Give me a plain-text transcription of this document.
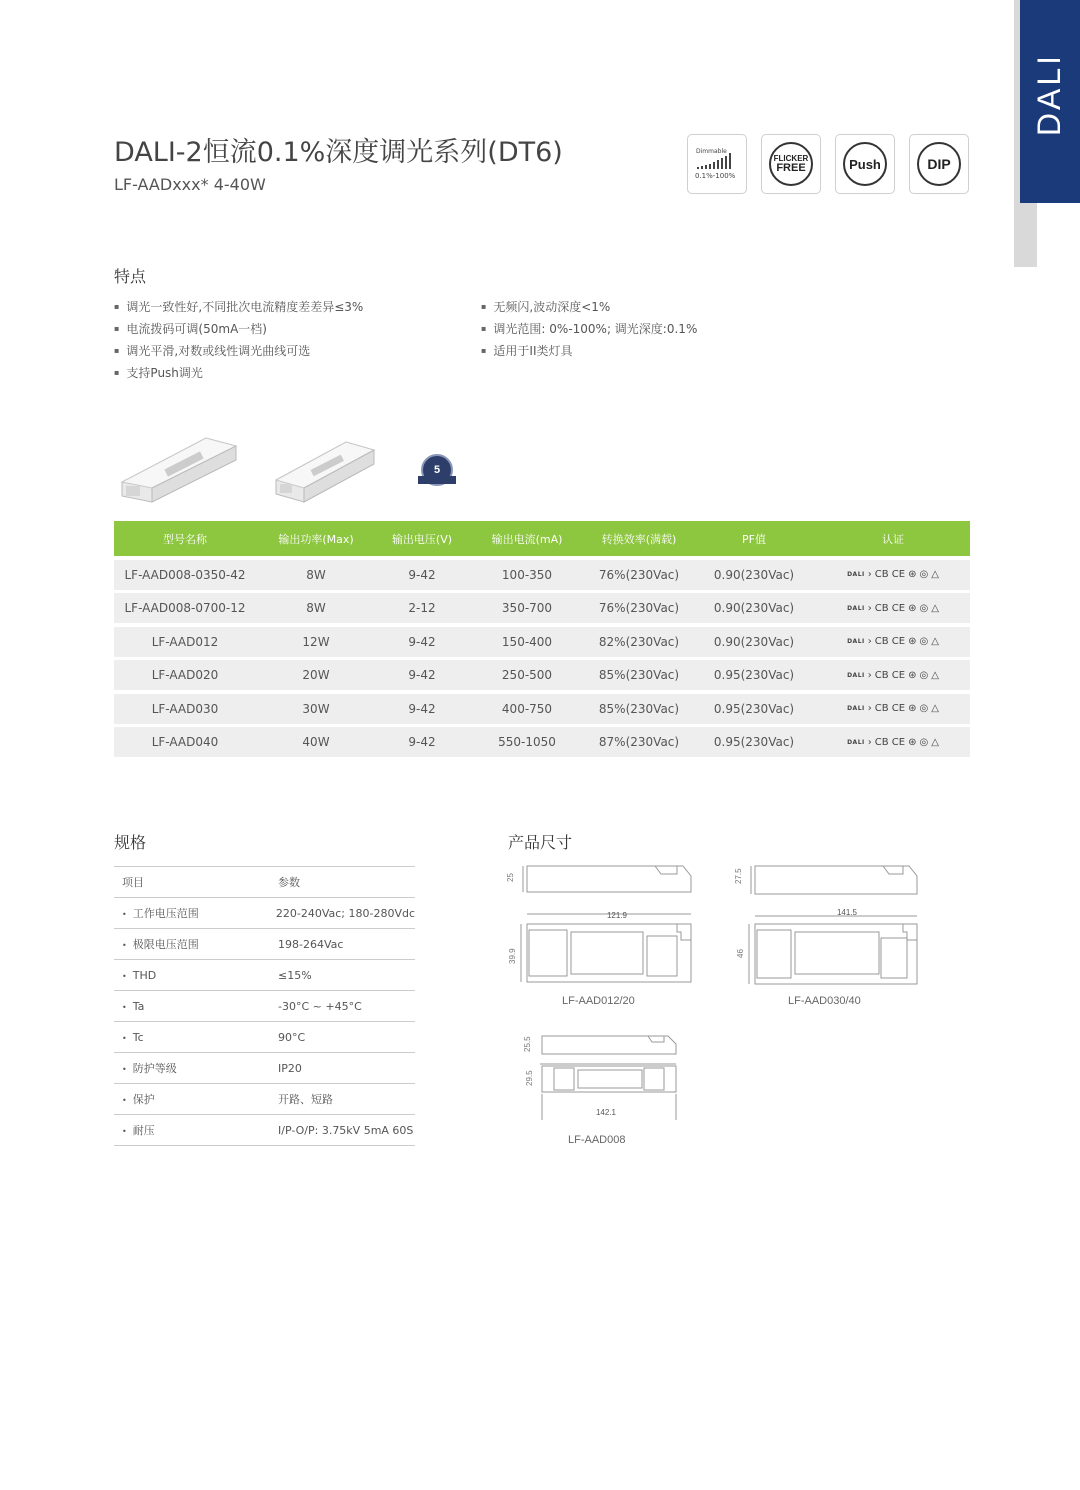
DALI
DALI-2恒流0.1%深度调光系列(DT6)
LF-AADxxx* 4-40W
Dimmable
0.1%-100%
FLICKER
FREE	Push	DIP
特点
▪ 调光一致性好,不同批次电流精度差差异≤3%
▪ 电流拨码可调(50mA一档)
▪ 调光平滑,对数或线性调光曲线可选
▪ 支持Push调光
▪ 无频闪,波动深度<1%
▪ 调光范围: 0%-100%; 调光深度:0.1%
▪ 适用于II类灯具
5
型号名称	输出功率(Max)	输出电压(V)	输出电流(mA)	转换效率(满载)	PF值	认证
LF-AAD008-0350-42	8W	9-42	100-350	76%(230Vac)	0.90(230Vac)	DALI › CB CE ⊛ ◎ △
LF-AAD008-0700-12	8W	2-12	350-700	76%(230Vac)	0.90(230Vac)	DALI › CB CE ⊛ ◎ △
LF-AAD012	12W	9-42	150-400	82%(230Vac)	0.90(230Vac)	DALI › CB CE ⊛ ◎ △
LF-AAD020	20W	9-42	250-500	85%(230Vac)	0.95(230Vac)	DALI › CB CE ⊛ ◎ △
LF-AAD030	30W	9-42	400-750	85%(230Vac)	0.95(230Vac)	DALI › CB CE ⊛ ◎ △
LF-AAD040	40W	9-42	550-1050	87%(230Vac)	0.95(230Vac)	DALI › CB CE ⊛ ◎ △
规格
项目	参数
• 工作电压范围	220-240Vac; 180-280Vdc
• 极限电压范围	198-264Vac
• THD	≤15%
• Ta	-30°C ~ +45°C
• Tc	90°C
• 防护等级	IP20
• 保护	开路、短路
• 耐压	I/P-O/P: 3.75kV 5mA 60S
产品尺寸
25
121.9
39.9
LF-AAD012/20
27.5
141.5
46
LF-AAD030/40
25.5
29.5
142.1
LF-AAD008
